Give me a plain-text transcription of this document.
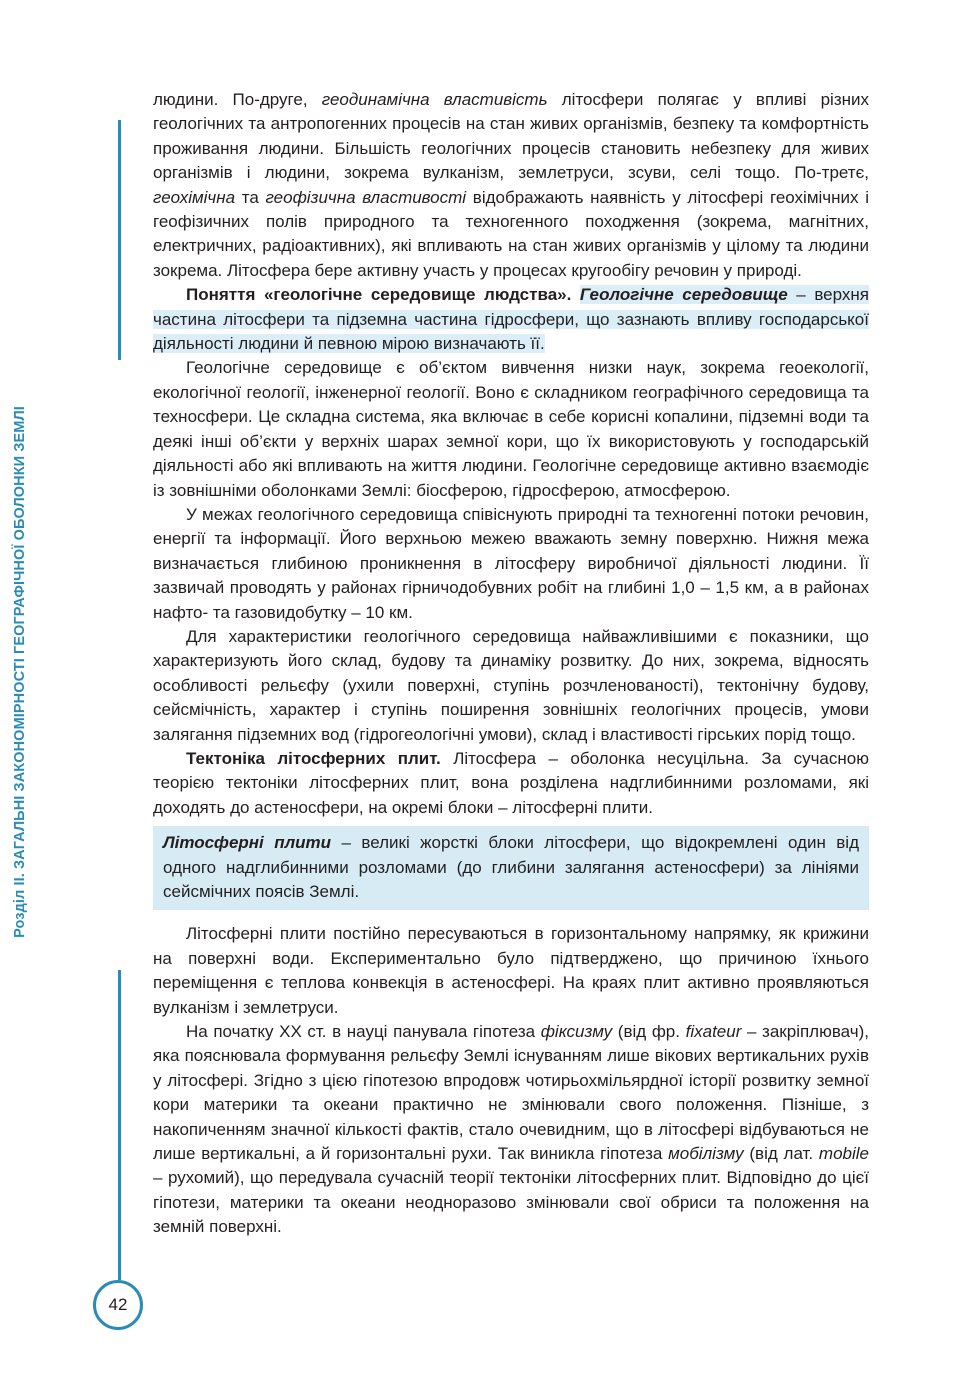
Розділ II. ЗАГАЛЬНІ ЗАКОНОМІРНОСТІ ГЕОГРАФІЧНОЇ ОБОЛОНКИ ЗЕМЛІ
42

людини. По-друге, геодинамічна властивість літосфери полягає у впливі різних геологічних та антропогенних процесів на стан живих організмів, безпеку та комфортність проживання людини. Більшість геологічних процесів становить небезпеку для живих організмів і людини, зокрема вулканізм, землетруси, зсуви, селі тощо. По-третє, геохімічна та геофізична властивості відображають наявність у літосфері геохімічних і геофізичних полів природного та техногенного походження (зокрема, магнітних, електричних, радіоактивних), які впливають на стан живих організмів у цілому та людини зокрема. Літосфера бере активну участь у процесах кругообігу речовин у природі.

Поняття «геологічне середовище людства». Геологічне середовище – верхня частина літосфери та підземна частина гідросфери, що зазнають впливу господарської діяльності людини й певною мірою визначають її.

Геологічне середовище є об’єктом вивчення низки наук, зокрема геоекології, екологічної геології, інженерної геології. Воно є складником географічного середовища та техносфери. Це складна система, яка включає в себе корисні копалини, підземні води та деякі інші об’єкти у верхніх шарах земної кори, що їх використовують у господарській діяльності або які впливають на життя людини. Геологічне середовище активно взаємодіє із зовнішніми оболонками Землі: біосферою, гідросферою, атмосферою.

У межах геологічного середовища співіснують природні та техногенні потоки речовин, енергії та інформації. Його верхньою межею вважають земну поверхню. Нижня межа визначається глибиною проникнення в літосферу виробничої діяльності людини. Її зазвичай проводять у районах гірничодобувних робіт на глибині 1,0 – 1,5 км, а в районах нафто- та газовидобутку – 10 км.

Для характеристики геологічного середовища найважливішими є показники, що характеризують його склад, будову та динаміку розвитку. До них, зокрема, відносять особливості рельєфу (ухили поверхні, ступінь розчленованості), тектонічну будову, сейсмічність, характер і ступінь поширення зовнішніх геологічних процесів, умови залягання підземних вод (гідрогеологічні умови), склад і властивості гірських порід тощо.

Тектоніка літосферних плит. Літосфера – оболонка несуцільна. За сучасною теорією тектоніки літосферних плит, вона розділена надглибинними розломами, які доходять до астеносфери, на окремі блоки – літосферні плити.

Літосферні плити – великі жорсткі блоки літосфери, що відокремлені один від одного надглибинними розломами (до глибини залягання астеносфери) за лініями сейсмічних поясів Землі.

Літосферні плити постійно пересуваються в горизонтальному напрямку, як крижини на поверхні води. Експериментально було підтверджено, що причиною їхнього переміщення є теплова конвекція в астеносфері. На краях плит активно проявляються вулканізм і землетруси.

На початку XX ст. в науці панувала гіпотеза фіксизму (від фр. fixateur – закріплювач), яка пояснювала формування рельєфу Землі існуванням лише вікових вертикальних рухів у літосфері. Згідно з цією гіпотезою впродовж чотирьохмільярдної історії розвитку земної кори материки та океани практично не змінювали свого положення. Пізніше, з накопиченням значної кількості фактів, стало очевидним, що в літосфері відбуваються не лише вертикальні, а й горизонтальні рухи. Так виникла гіпотеза мобілізму (від лат. mobile – рухомий), що передувала сучасній теорії тектоніки літосферних плит. Відповідно до цієї гіпотези, материки та океани неодноразово змінювали свої обриси та положення на земній поверхні.
